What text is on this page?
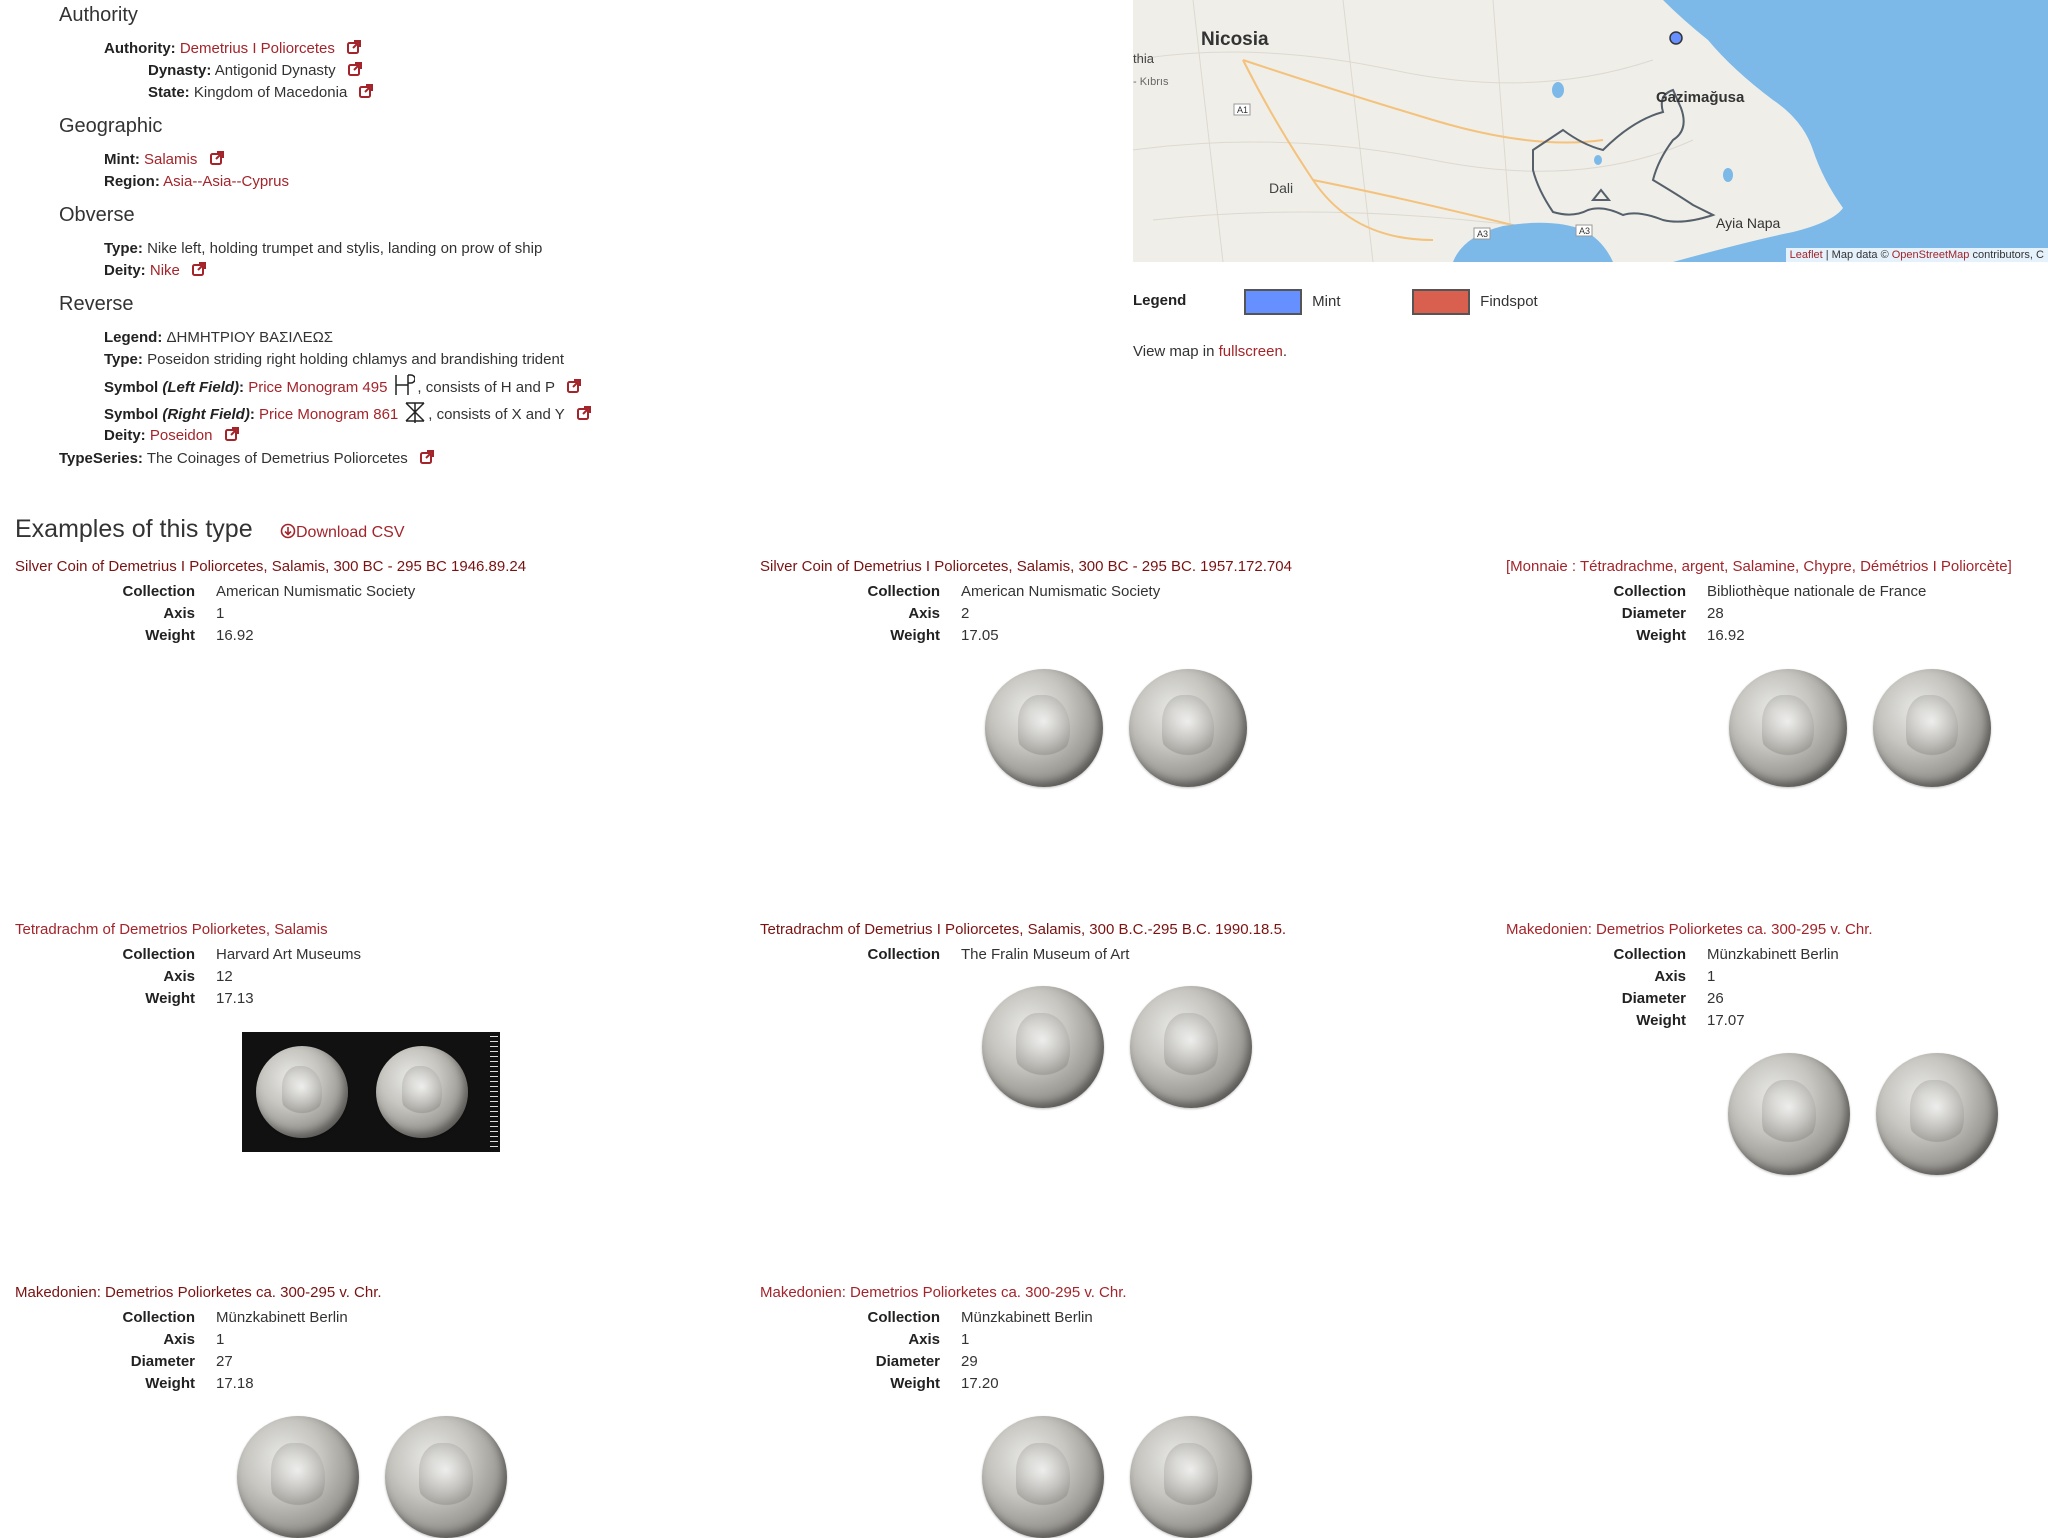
Authority
Authority: Demetrius I Poliorcetes
Dynasty: Antigonid Dynasty
State: Kingdom of Macedonia
Geographic
Mint: Salamis
Region: Asia--Asia--Cyprus
Obverse
Type: Nike left, holding trumpet and stylis, landing on prow of ship
Deity: Nike
Reverse
Legend: ΔΗΜΗΤΡΙΟΥ ΒΑΣΙΛΕΩΣ
Type: Poseidon striding right holding chlamys and brandishing trident
Symbol (Left Field): Price Monogram 495 , consists of H and P
Symbol (Right Field): Price Monogram 861 , consists of X and Y
Deity: Poseidon
TypeSeries: The Coinages of Demetrius Poliorcetes
Nicosia
thia
- Kıbrıs
Gazimağusa
Dali
Ayia Napa
A1
A3	A3
Leaflet | Map data © OpenStreetMap contributors, C
Legend	Mint	Findspot
View map in fullscreen.
Examples of this type	Download CSV
Silver Coin of Demetrius I Poliorcetes, Salamis, 300 BC - 295 BC 1946.89.24
Collection American Numismatic Society
Axis 1
Weight 16.92
Silver Coin of Demetrius I Poliorcetes, Salamis, 300 BC - 295 BC. 1957.172.704
Collection American Numismatic Society
Axis 2
Weight 17.05
[Monnaie : Tétradrachme, argent, Salamine, Chypre, Démétrios I Poliorcète]
Collection Bibliothèque nationale de France
Diameter 28
Weight 16.92
Tetradrachm of Demetrios Poliorketes, Salamis
Collection Harvard Art Museums
Axis 12
Weight 17.13
Tetradrachm of Demetrius I Poliorcetes, Salamis, 300 B.C.-295 B.C. 1990.18.5.
Collection The Fralin Museum of Art
Makedonien: Demetrios Poliorketes ca. 300-295 v. Chr.
Collection Münzkabinett Berlin
Axis 1
Diameter 26
Weight 17.07
Makedonien: Demetrios Poliorketes ca. 300-295 v. Chr.
Collection Münzkabinett Berlin
Axis 1
Diameter 27
Weight 17.18
Makedonien: Demetrios Poliorketes ca. 300-295 v. Chr.
Collection Münzkabinett Berlin
Axis 1
Diameter 29
Weight 17.20
